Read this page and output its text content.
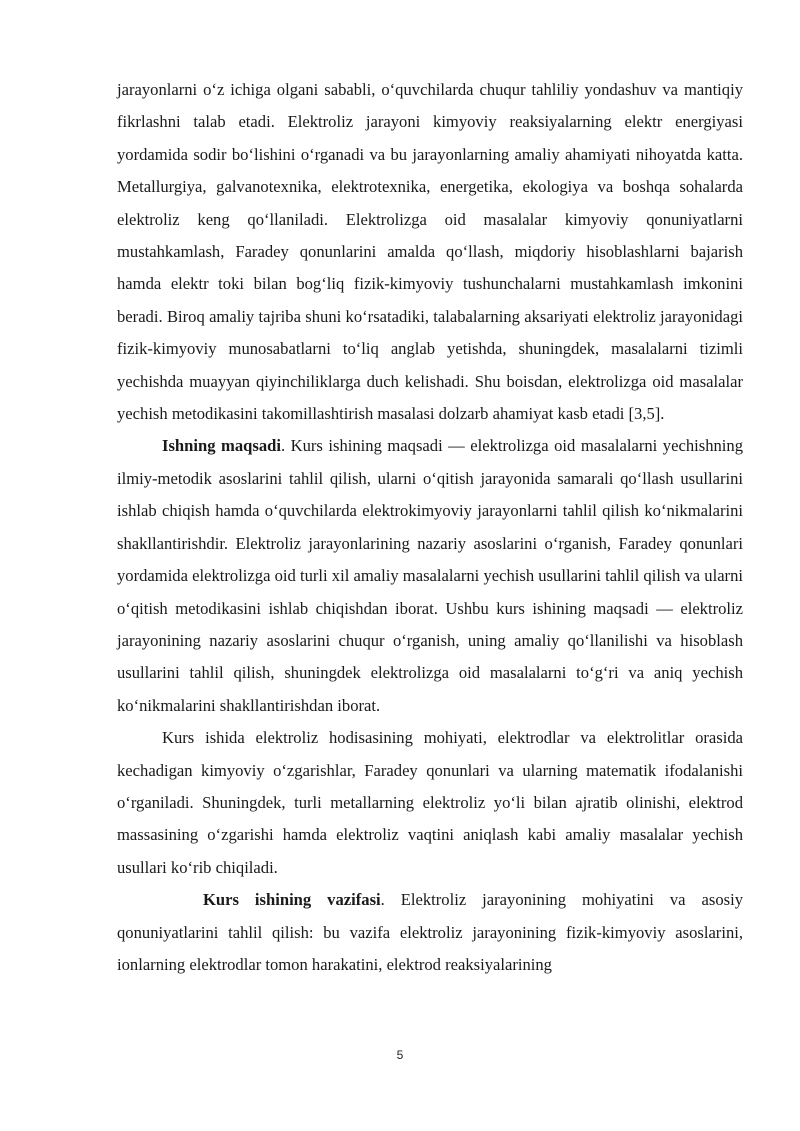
jarayonlarni o‘z ichiga olgani sababli, o‘quvchilarda chuqur tahliliy yondashuv va mantiqiy fikrlashni talab etadi. Elektroliz jarayoni kimyoviy reaksiyalarning elektr energiyasi yordamida sodir bo‘lishini o‘rganadi va bu jarayonlarning amaliy ahamiyati nihoyatda katta. Metallurgiya, galvanotexnika, elektrotexnika, energetika, ekologiya va boshqa sohalarda elektroliz keng qo‘llaniladi. Elektrolizga oid masalalar kimyoviy qonuniyatlarni mustahkamlash, Faradey qonunlarini amalda qo‘llash, miqdoriy hisoblashlarni bajarish hamda elektr toki bilan bog‘liq fizik-kimyoviy tushunchalarni mustahkamlash imkonini beradi. Biroq amaliy tajriba shuni ko‘rsatadiki, talabalarning aksariyati elektroliz jarayonidagi fizik-kimyoviy munosabatlarni to‘liq anglab yetishda, shuningdek, masalalarni tizimli yechishda muayyan qiyinchiliklarga duch kelishadi. Shu boisdan, elektrolizga oid masalalar yechish metodikasini takomillashtirish masalasi dolzarb ahamiyat kasb etadi [3,5].

Ishning maqsadi. Kurs ishining maqsadi — elektrolizga oid masalalarni yechishning ilmiy-metodik asoslarini tahlil qilish, ularni o‘qitish jarayonida samarali qo‘llash usullarini ishlab chiqish hamda o‘quvchilarda elektrokimyoviy jarayonlarni tahlil qilish ko‘nikmalarini shakllantirishdir. Elektroliz jarayonlarining nazariy asoslarini o‘rganish, Faradey qonunlari yordamida elektrolizga oid turli xil amaliy masalalarni yechish usullarini tahlil qilish va ularni o‘qitish metodikasini ishlab chiqishdan iborat. Ushbu kurs ishining maqsadi — elektroliz jarayonining nazariy asoslarini chuqur o‘rganish, uning amaliy qo‘llanilishi va hisoblash usullarini tahlil qilish, shuningdek elektrolizga oid masalalarni to‘g‘ri va aniq yechish ko‘nikmalarini shakllantirishdan iborat.

Kurs ishida elektroliz hodisasining mohiyati, elektrodlar va elektrolitlar orasida kechadigan kimyoviy o‘zgarishlar, Faradey qonunlari va ularning matematik ifodalanishi o‘rganiladi. Shuningdek, turli metallarning elektroliz yo‘li bilan ajratib olinishi, elektrod massasining o‘zgarishi hamda elektroliz vaqtini aniqlash kabi amaliy masalalar yechish usullari ko‘rib chiqiladi.

Kurs ishining vazifasi. Elektroliz jarayonining mohiyatini va asosiy qonuniyatlarini tahlil qilish: bu vazifa elektroliz jarayonining fizik-kimyoviy asoslarini, ionlarning elektrodlar tomon harakatini, elektrod reaksiyalarining

5
